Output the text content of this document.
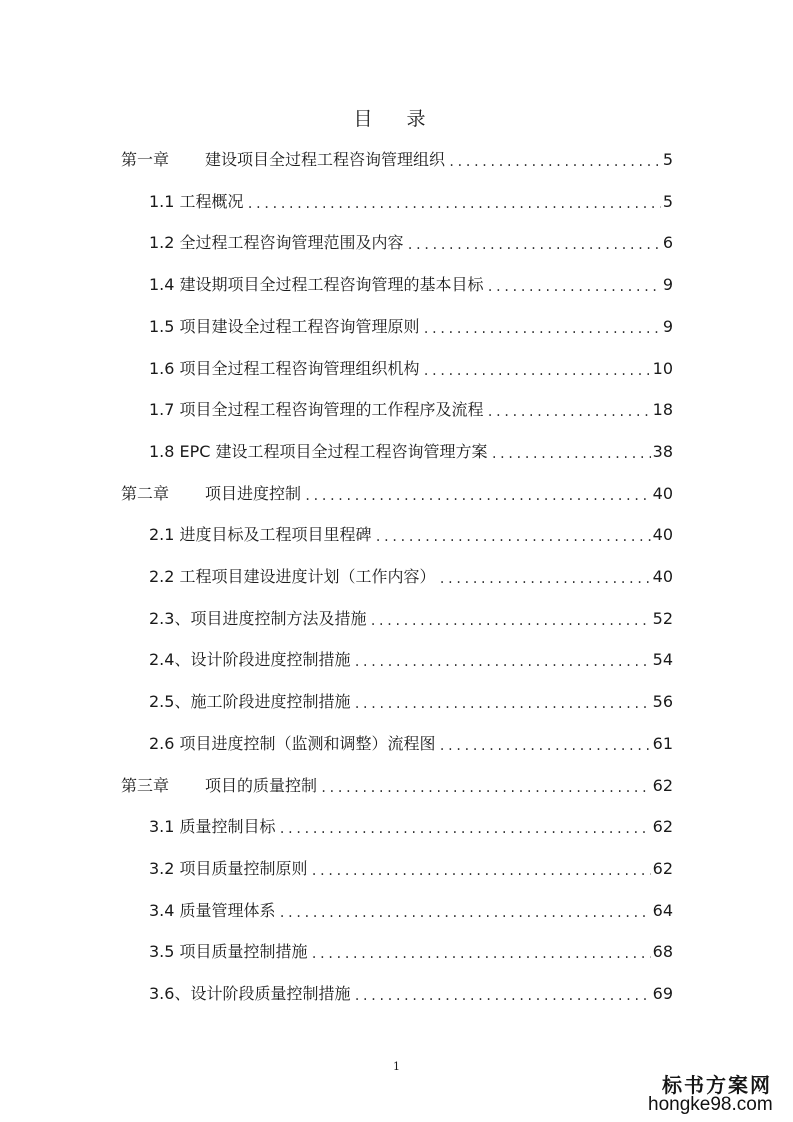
目 录
第一章 建设项目全过程工程咨询管理组织 .....	5
1.1 工程概况 .....	5
1.2 全过程工程咨询管理范围及内容 .....	6
1.4 建设期项目全过程工程咨询管理的基本目标 .....	9
1.5 项目建设全过程工程咨询管理原则 .....	9
1.6 项目全过程工程咨询管理组织机构 .....	10
1.7 项目全过程工程咨询管理的工作程序及流程 .....	18
1.8 EPC 建设工程项目全过程工程咨询管理方案 .....	38
第二章 项目进度控制 .....	40
2.1 进度目标及工程项目里程碑 .....	40
2.2 工程项目建设进度计划（工作内容） .....	40
2.3、项目进度控制方法及措施 .....	52
2.4、设计阶段进度控制措施 .....	54
2.5、施工阶段进度控制措施 .....	56
2.6 项目进度控制（监测和调整）流程图 .....	61
第三章 项目的质量控制 .....	62
3.1 质量控制目标 .....	62
3.2 项目质量控制原则 .....	62
3.4 质量管理体系 .....	64
3.5 项目质量控制措施 .....	68
3.6、设计阶段质量控制措施 .....	69
1
标书方案网
hongke98.com
